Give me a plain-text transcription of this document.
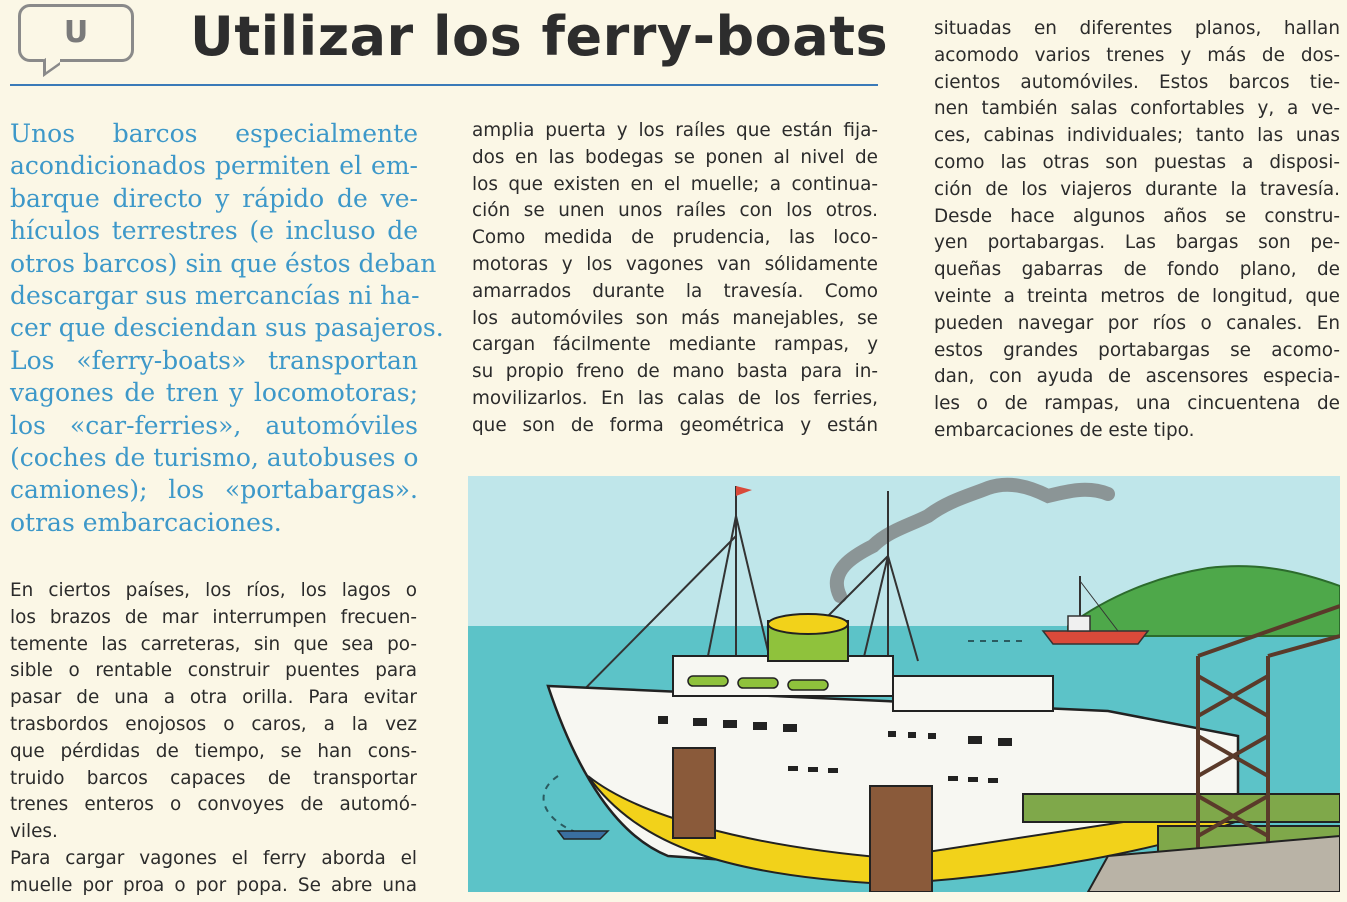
U	Utilizar los ferry-boats
Unos barcos especialmente
acondicionados permiten el em-
barque directo y rápido de ve-
hículos terrestres (e incluso de
otros barcos) sin que éstos deban
descargar sus mercancías ni ha-
cer que desciendan sus pasajeros.
Los «ferry-boats» transportan
vagones de tren y locomotoras;
los «car-ferries», automóviles
(coches de turismo, autobuses o
camiones); los «portabargas».
otras embarcaciones.
En ciertos países, los ríos, los lagos o
los brazos de mar interrumpen frecuen-
temente las carreteras, sin que sea po-
sible o rentable construir puentes para
pasar de una a otra orilla. Para evitar
trasbordos enojosos o caros, a la vez
que pérdidas de tiempo, se han cons-
truido barcos capaces de transportar
trenes enteros o convoyes de automó-
viles.
Para cargar vagones el ferry aborda el
muelle por proa o por popa. Se abre una
amplia puerta y los raíles que están fija-
dos en las bodegas se ponen al nivel de
los que existen en el muelle; a continua-
ción se unen unos raíles con los otros.
Como medida de prudencia, las loco-
motoras y los vagones van sólidamente
amarrados durante la travesía. Como
los automóviles son más manejables, se
cargan fácilmente mediante rampas, y
su propio freno de mano basta para in-
movilizarlos. En las calas de los ferries,
que son de forma geométrica y están
situadas en diferentes planos, hallan
acomodo varios trenes y más de dos-
cientos automóviles. Estos barcos tie-
nen también salas confortables y, a ve-
ces, cabinas individuales; tanto las unas
como las otras son puestas a disposi-
ción de los viajeros durante la travesía.
Desde hace algunos años se constru-
yen portabargas. Las bargas son pe-
queñas gabarras de fondo plano, de
veinte a treinta metros de longitud, que
pueden navegar por ríos o canales. En
estos grandes portabargas se acomo-
dan, con ayuda de ascensores especia-
les o de rampas, una cincuentena de
embarcaciones de este tipo.
